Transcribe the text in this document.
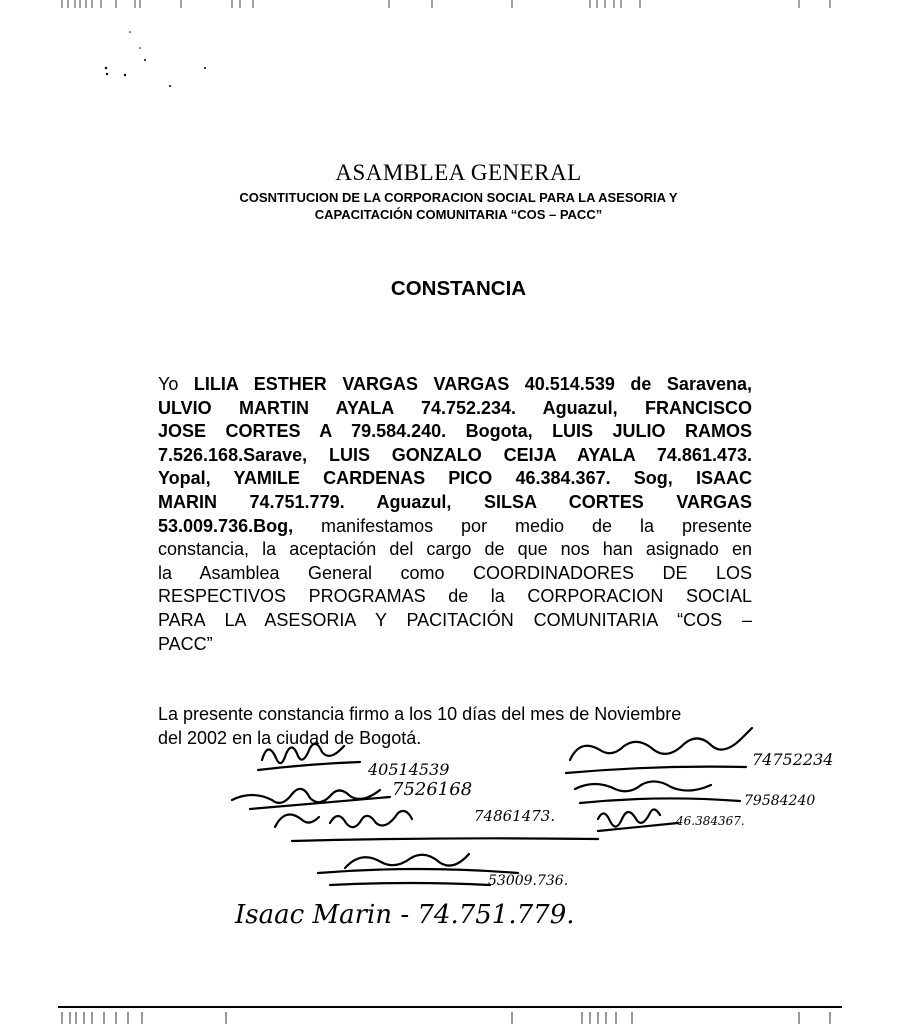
ASAMBLEA GENERAL
COSNTITUCION DE LA CORPORACION SOCIAL PARA LA ASESORIA Y
CAPACITACIÓN COMUNITARIA “COS – PACC”
CONSTANCIA
Yo LILIA ESTHER VARGAS VARGAS 40.514.539 de Saravena,
ULVIO MARTIN AYALA 74.752.234. Aguazul, FRANCISCO
JOSE CORTES A 79.584.240. Bogota, LUIS JULIO RAMOS
7.526.168.Sarave, LUIS GONZALO CEIJA AYALA 74.861.473.
Yopal, YAMILE CARDENAS PICO 46.384.367. Sog, ISAAC
MARIN 74.751.779. Aguazul, SILSA CORTES VARGAS
53.009.736.Bog, manifestamos por medio de la presente
constancia, la aceptación del cargo de que nos han asignado en
la Asamblea General como COORDINADORES DE LOS
RESPECTIVOS PROGRAMAS de la CORPORACION SOCIAL
PARA LA ASESORIA Y PACITACIÓN COMUNITARIA “COS –
PACC”
La presente constancia firmo a los 10 días del mes de Noviembre
del 2002 en la ciudad de Bogotá.
40514539
7526168
74861473.
74752234
79584240
46.384367.
53009.736.
Isaac Marin - 74.751.779.
